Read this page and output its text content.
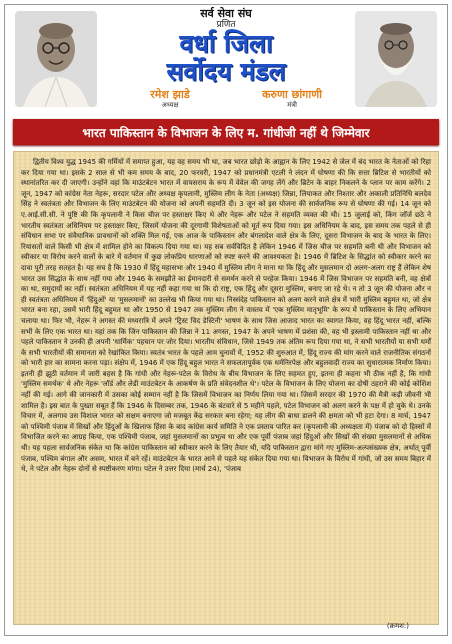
सर्व सेवा संघ
प्रणित
वर्धा जिला
सर्वोदय मंडल
रमेश झाडे
अध्यक्ष
करुणा छांगाणी
मंत्री
भारत पाकिस्तान के विभाजन के लिए म. गांधीजी नहीं थे जिम्मेवार

द्वितीय विश्व युद्ध 1945 की गर्मियों में समाप्त हुआ, यह वह समय भी था, जब भारत छोड़ो के आह्वान के लिए 1942 से जेल में बंद भारत के नेताओं को रिहा कर दिया गया था। इसके 2 साल से भी कम समय के बाद, 20 फरवरी, 1947 को प्रधानमंत्री एटली ने लंदन में घोषणा की कि सत्ता ब्रिटिश से भारतीयों को स्थानांतरित कर दी जाएगी। उन्होंने वहां कि माउंटबेटन भारत में वायसराय के रूप में वेवेल की जगह लेंगे और ब्रिटेन के बाहर निकलने के प्लान पर काम करेंगे। 2 जून, 1947 को कांग्रेस नेता नेहरू, सरदार पटेल और अध्यक्ष कृपलानी, मुस्लिम लीग के नेता (अध्यक्ष) जिन्ना, लियाकत और निश्तार और अकाली प्रतिनिधि बलदेव सिंह ने स्वतंत्रता और विभाजन के लिए माउंटबेटन की योजना को अपनी सहमति दी। 3 जून को इस योजना की सार्वजनिक रूप से घोषणा की गई। 14 जून को ए.आई.सी.सी. ने पुष्टि की कि कृपलानी ने किस चीज पर हस्ताक्षर किए थे और नेहरू और पटेल ने सहमति व्यक्त की थी। 15 जुलाई को, किंग जॉर्ज छठे ने भारतीय स्वतंत्रता अधिनियम पर हस्ताक्षर किए, जिसमें योजना की दूरगामी विशेषताओं को मूर्त रूप दिया गया। इस अधिनियम के बाद, इस समय तक पहले से ही संविधान सभा पर संवैधानिक प्रावधानों को शक्ति मिल गई, एक आज के पाकिस्तान और बंगलादेश वाले क्षेत्र के लिए, दूसरा विभाजन के बाद के भारत के लिए। रियासतों वाले किसी भी क्षेत्र में शामिल होने का विकल्प दिया गया था। यह सब सर्वविदित है लेकिन 1946 में जिस चीज पर सहमति बनी थी और विभाजन को स्वीकार या विरोध करने वालों के बारे में वर्तमान में कुछ लोकप्रिय धारणाओं को स्पष्ट करने की आवश्यकता है। 1946 में ब्रिटिश के सिद्धांत को स्वीकार करने का दावा पूरी तरह सतहत है। यह सच है कि 1930 में हिंदू महासभा और 1940 में मुस्लिम लीग ने माना था कि हिंदू और मुसलमान दो अलग-अलग राष्ट्र हैं लेकिन शेष भारत उस सिद्धांत के साथ नहीं गया और 1946 के समझौते का ईमानदारी से समर्थन करने से परहेज किया। 1946 में जिस विभाजन पर सहमति बनी, वह क्षेत्रों का था, समुदायों का नहीं। स्वतंत्रता अधिनियम में यह नहीं कहा गया था कि दो राष्ट्र, एक हिंदू और दूसरा मुस्लिम, बनाए जा रहे थे। न तो 3 जून की योजना और न ही स्वतंत्रता अधिनियम में 'हिंदुओं' या 'मुसलमानों' का उल्लेख भी किया गया था। निस्संदेह पाकिस्तान को अलग करने वाले क्षेत्र में भारी मुस्लिम बहुमत था, जो क्षेत्र भारत बना रहा, उसमें भारी हिंदू बहुमत था और 1950 से 1947 तक मुस्लिम लीग ने वास्तव में 'एक मुस्लिम मातृभूमि' के रूप में पाकिस्तान के लिए अभियान चलाया था। फिर भी, नेहरू ने अगस्त की मध्यरात्रि में अपने 'ट्रिस्ट विद डेस्टिनी' भाषण के साथ जिस आजाद भारत का स्वागत किया, वह हिंदू भारत नहीं, बल्कि सभी के लिए एक भारत था। यहां तक कि जिन पाकिस्तान की जिन्ना ने 11 अगस्त, 1947 के अपने भाषण में प्रशंसा की, वह भी इस्लामी पाकिस्तान नहीं था और पहले पाकिस्तान ने उनकी ही अपनी 'धार्मिक' पहचान पर जोर दिया। भारतीय संविधान, जिसे 1949 तक अंतिम रूप दिया गया था, ने सभी भारतीयों या सभी धर्मों के सभी भारतीयों की समानता को रेखांकित किया। स्वतंत्र भारत के पहले आम चुनावों में, 1952 की शुरुआत में, हिंदू राज्य की मांग करने वाले राजनीतिक संगठनों को भारी हार का सामना करना पड़ा। संक्षेप में, 1946 में एक हिंदू बहुल भारत ने सफलतापूर्वक एक धर्मनिरपेक्ष और बहुलवादी राज्य का सुधारात्मक निर्माण किया। इतनी ही झूठी वर्तमान में जारी बहस है कि गांधी और नेहरू-पटेल के विरोध के बीच विभाजन के लिए सहमत हुए, इतना ही कहना भी ठीक नहीं है, कि गांधी 'मुस्लिम समर्थक' थे और नेहरू 'लॉर्ड और लेडी माउंटबेटन के आकर्षण के प्रति संवेदनशील थे'। पटेल के विभाजन के लिए योजना का दोषी ठहराने की कोई कोशिश नहीं की गई। आगे की जानकारी में उसका कोई सम्मान नहीं है कि जिसमें विभाजन का निर्णय लिया गया था। जिसमें सरदार की 1970 की मैत्री कड़ी जीवनी भी शामिल है। इस बात के पुख्ता सबूत हैं कि 1946 के दिसम्बर तक, 1946 के बंटवारे से 5 महीने पहले, पटेल विभाजन को अलग करने के पक्ष में हो चुके थे। उनके विचार में, अलगाव उस विशाल भारत को सक्षम बनाएगा जो मजबूत केंद्र सरकार बना रहेगा; यह लीग की बाधा डालने की क्षमता को भी हटा देगा। 8 मार्च, 1947 को पश्चिमी पंजाब में सिखों और हिंदुओं के खिलाफ हिंसा के बाद कांग्रेस कार्य समिति ने एक प्रस्ताव पारित कर (कृपलानी की अध्यक्षता में) पंजाब को दो हिस्सों में विभाजित करने का आग्रह किया, एक पश्चिमी पंजाब, जहां मुसलमानों का प्रभुत्व था और एक पूर्वी पंजाब जहां हिंदुओं और सिखों की संख्या मुसलमानों से अधिक थी। यह पहला सार्वजनिक संकेत था कि कांग्रेस पाकिस्तान को स्वीकार करने के लिए तैयार थी, यदि पाकिस्तान द्वारा मांगे गए मुस्लिम-अल्पसंख्यक क्षेत्र, अर्थात् पूर्वी पंजाब, पश्चिम बंगाल और असम, भारत में बने रहें। माउंटबेटन के भारत आने से पहले यह संकेत दिया गया था। विभाजन के विरोध में गांधी, जो उस समय बिहार में थे, ने पटेल और नेहरू दोनों से स्पष्टीकरण मांगा। पटेल ने उत्तर दिया (मार्च 24), 'पंजाब

(क्रमश:)
